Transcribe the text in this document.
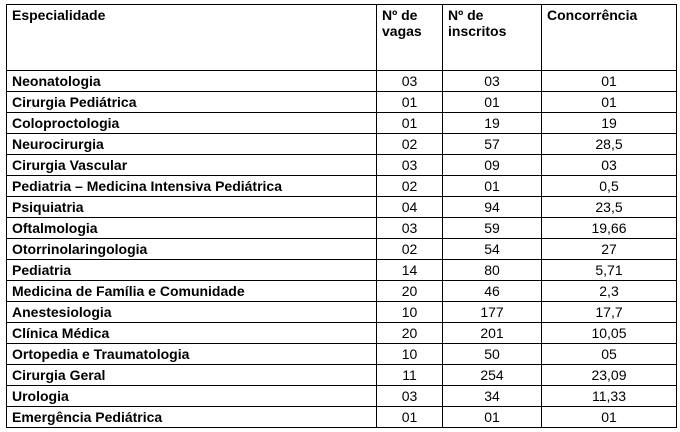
Especialidade	Nº de vagas	Nº de inscritos	Concorrência
Neonatologia	03	03	01
Cirurgia Pediátrica	01	01	01
Coloproctologia	01	19	19
Neurocirurgia	02	57	28,5
Cirurgia Vascular	03	09	03
Pediatria – Medicina Intensiva Pediátrica	02	01	0,5
Psiquiatria	04	94	23,5
Oftalmologia	03	59	19,66
Otorrinolaringologia	02	54	27
Pediatria	14	80	5,71
Medicina de Família e Comunidade	20	46	2,3
Anestesiologia	10	177	17,7
Clínica Médica	20	201	10,05
Ortopedia e Traumatologia	10	50	05
Cirurgia Geral	11	254	23,09
Urologia	03	34	11,33
Emergência Pediátrica	01	01	01
